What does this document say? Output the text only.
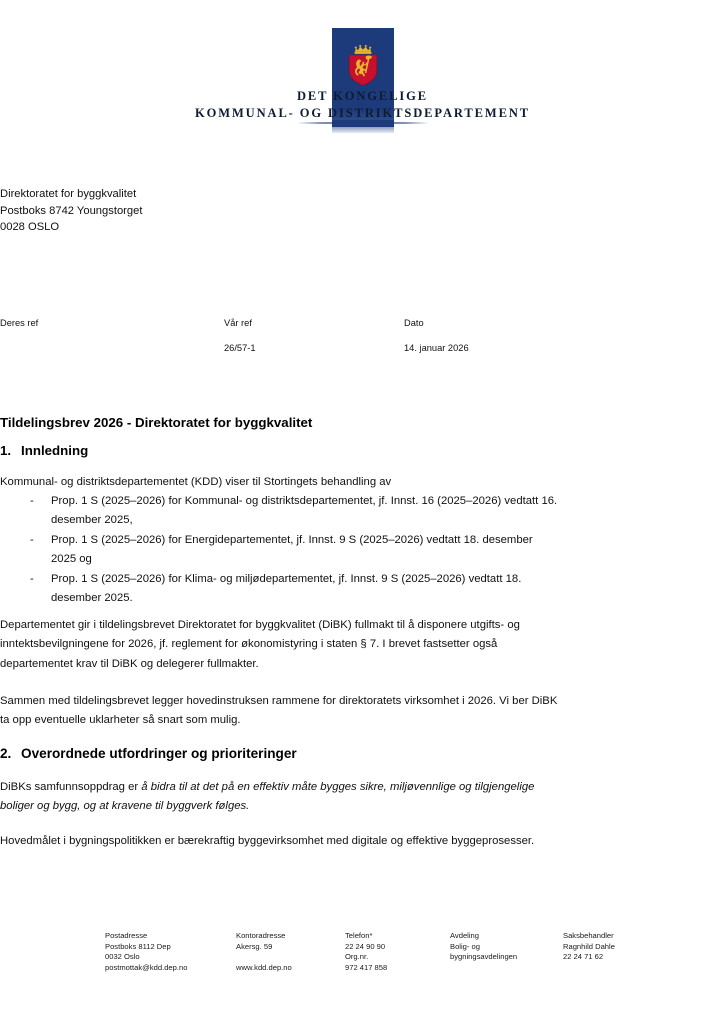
DET KONGELIGE
KOMMUNAL- OG DISTRIKTSDEPARTEMENT
Direktoratet for byggkvalitet
Postboks 8742 Youngstorget
0028 OSLO
Deres ref	Vår ref
26/57-1
Dato
14. januar 2026
Tildelingsbrev 2026 - Direktoratet for byggkvalitet
1. Innledning
Kommunal- og distriktsdepartementet (KDD) viser til Stortingets behandling av
- Prop. 1 S (2025–2026) for Kommunal- og distriktsdepartementet, jf. Innst. 16 (2025–2026) vedtatt 16. desember 2025,
- Prop. 1 S (2025–2026) for Energidepartementet, jf. Innst. 9 S (2025–2026) vedtatt 18. desember 2025 og
- Prop. 1 S (2025–2026) for Klima- og miljødepartementet, jf. Innst. 9 S (2025–2026) vedtatt 18. desember 2025.
Departementet gir i tildelingsbrevet Direktoratet for byggkvalitet (DiBK) fullmakt til å disponere utgifts- og inntektsbevilgningene for 2026, jf. reglement for økonomistyring i staten § 7. I brevet fastsetter også departementet krav til DiBK og delegerer fullmakter.
Sammen med tildelingsbrevet legger hovedinstruksen rammene for direktoratets virksomhet i 2026. Vi ber DiBK ta opp eventuelle uklarheter så snart som mulig.
2. Overordnede utfordringer og prioriteringer
DiBKs samfunnsoppdrag er å bidra til at det på en effektiv måte bygges sikre, miljøvennlige og tilgjengelige boliger og bygg, og at kravene til byggverk følges.
Hovedmålet i bygningspolitikken er bærekraftig byggevirksomhet med digitale og effektive byggeprosesser.
Postadresse
Postboks 8112 Dep
0032 Oslo
postmottak@kdd.dep.no
Kontoradresse
Akersg. 59
www.kdd.dep.no
Telefon*
22 24 90 90
Org.nr.
972 417 858
Avdeling
Bolig- og
bygningsavdelingen
Saksbehandler
Ragnhild Dahle
22 24 71 62
